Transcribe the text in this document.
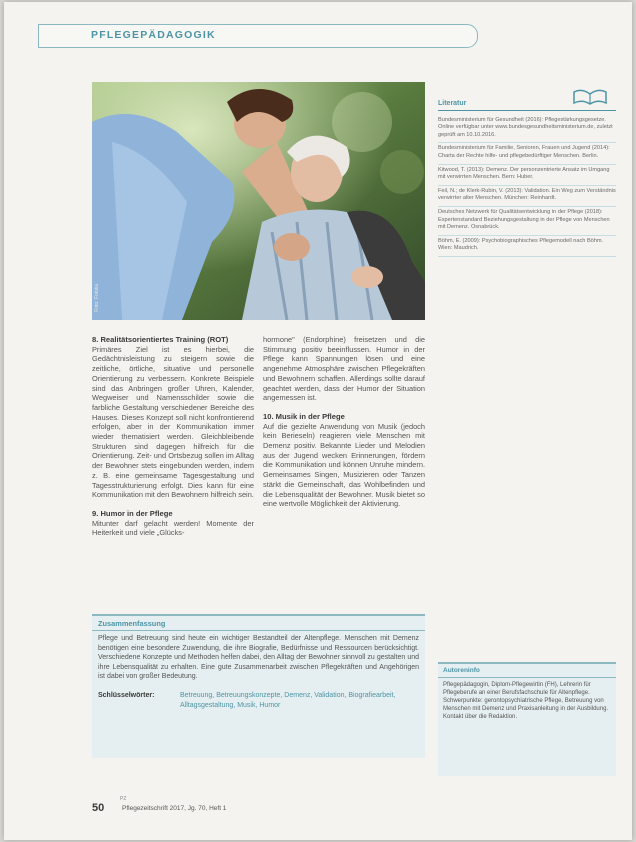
PFLEGEPÄDAGOGIK
Foto: Fotolia
8. Realitätsorientiertes Training (ROT)

Primäres Ziel ist es hierbei, die Gedächtnisleistung zu steigern sowie die zeitliche, örtliche, situative und personelle Orientierung zu verbessern. Konkrete Beispiele sind das Anbringen großer Uhren, Kalender, Wegweiser und Namensschilder sowie die farbliche Gestaltung verschiedener Bereiche des Hauses. Dieses Konzept soll nicht konfrontierend erfolgen, aber in der Kommunikation immer wieder thematisiert werden. Gleichbleibende Strukturen sind dagegen hilfreich für die Orientierung. Zeit- und Ortsbezug sollen im Alltag der Bewohner stets eingebunden werden, indem z. B. eine gemeinsame Tagesgestaltung und Tagesstrukturierung erfolgt. Dies kann für eine Kommunikation mit den Bewohnern hilfreich sein.

9. Humor in der Pflege

Mitunter darf gelacht werden! Momente der Heiterkeit und viele „Glücks-

hormone" (Endorphine) freisetzen und die Stimmung positiv beeinflussen. Humor in der Pflege kann Spannungen lösen und eine angenehme Atmosphäre zwischen Pflegekräften und Bewohnern schaffen. Allerdings sollte darauf geachtet werden, dass der Humor der Situation angemessen ist.

10. Musik in der Pflege

Auf die gezielte Anwendung von Musik (jedoch kein Berieseln) reagieren viele Menschen mit Demenz positiv. Bekannte Lieder und Melodien aus der Jugend wecken Erinnerungen, fördern die Kommunikation und können Unruhe mindern. Gemeinsames Singen, Musizieren oder Tanzen stärkt die Gemeinschaft, das Wohlbefinden und die Lebensqualität der Bewohner. Musik bietet so eine wertvolle Möglichkeit der Aktivierung.

Literatur
Bundesministerium für Gesundheit (2016): Pflegestärkungsgesetze. Online verfügbar unter www.bundesgesundheitsministerium.de, zuletzt geprüft am 10.10.2016.
Bundesministerium für Familie, Senioren, Frauen und Jugend (2014): Charta der Rechte hilfe- und pflegebedürftiger Menschen. Berlin.
Kitwood, T. (2013): Demenz. Der personzentrierte Ansatz im Umgang mit verwirrten Menschen. Bern: Huber.
Feil, N.; de Klerk-Rubin, V. (2013): Validation. Ein Weg zum Verständnis verwirrter alter Menschen. München: Reinhardt.
Deutsches Netzwerk für Qualitätsentwicklung in der Pflege (2018): Expertenstandard Beziehungsgestaltung in der Pflege von Menschen mit Demenz. Osnabrück.
Böhm, E. (2009): Psychobiographisches Pflegemodell nach Böhm. Wien: Maudrich.
Zusammenfassung
Pflege und Betreuung sind heute ein wichtiger Bestandteil der Altenpflege. Menschen mit Demenz benötigen eine besondere Zuwendung, die ihre Biografie, Bedürfnisse und Ressourcen berücksichtigt. Verschiedene Konzepte und Methoden helfen dabei, den Alltag der Bewohner sinnvoll zu gestalten und ihre Lebensqualität zu erhalten. Eine gute Zusammenarbeit zwischen Pflegekräften und Angehörigen ist dabei von großer Bedeutung.
Schlüsselwörter:	Betreuung, Betreuungskonzepte, Demenz, Validation, Biografiearbeit, Alltagsgestaltung, Musik, Humor
Autoreninfo
Pflegepädagogin, Diplom-Pflegewirtin (FH), Lehrerin für Pflegeberufe an einer Berufsfachschule für Altenpflege. Schwerpunkte: gerontopsychiatrische Pflege, Betreuung von Menschen mit Demenz und Praxisanleitung in der Ausbildung. Kontakt über die Redaktion.
PZ
50	Pflegezeitschrift 2017, Jg. 70, Heft 1
